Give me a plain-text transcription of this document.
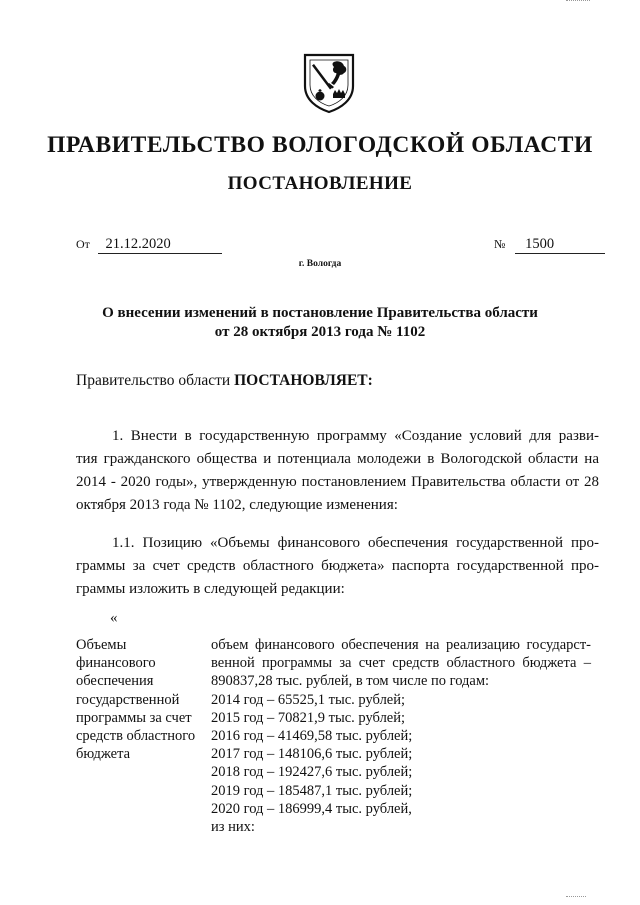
ПРАВИТЕЛЬСТВО ВОЛОГОДСКОЙ ОБЛАСТИ
ПОСТАНОВЛЕНИЕ
От 21.12.2020	№ 1500
г. Вологда
О внесении изменений в постановление Правительства области
от 28 октября 2013 года № 1102
Правительство области ПОСТАНОВЛЯЕТ:
1. Внести в государственную программу «Создание условий для разви-
тия гражданского общества и потенциала молодежи в Вологодской области на
2014 - 2020 годы», утвержденную постановлением Правительства области от 28
октября 2013 года № 1102, следующие изменения:
1.1. Позицию «Объемы финансового обеспечения государственной про-
граммы за счет средств областного бюджета» паспорта государственной про-
граммы изложить в следующей редакции:
«
Объемы
финансового
обеспечения
государственной
программы за счет
средств областного
бюджета
объем финансового обеспечения на реализацию государст-
венной программы за счет средств областного бюджета –
890837,28 тыс. рублей, в том числе по годам:
2014 год – 65525,1 тыс. рублей;
2015 год – 70821,9 тыс. рублей;
2016 год – 41469,58 тыс. рублей;
2017 год – 148106,6 тыс. рублей;
2018 год – 192427,6 тыс. рублей;
2019 год – 185487,1 тыс. рублей;
2020 год – 186999,4 тыс. рублей,
из них:
